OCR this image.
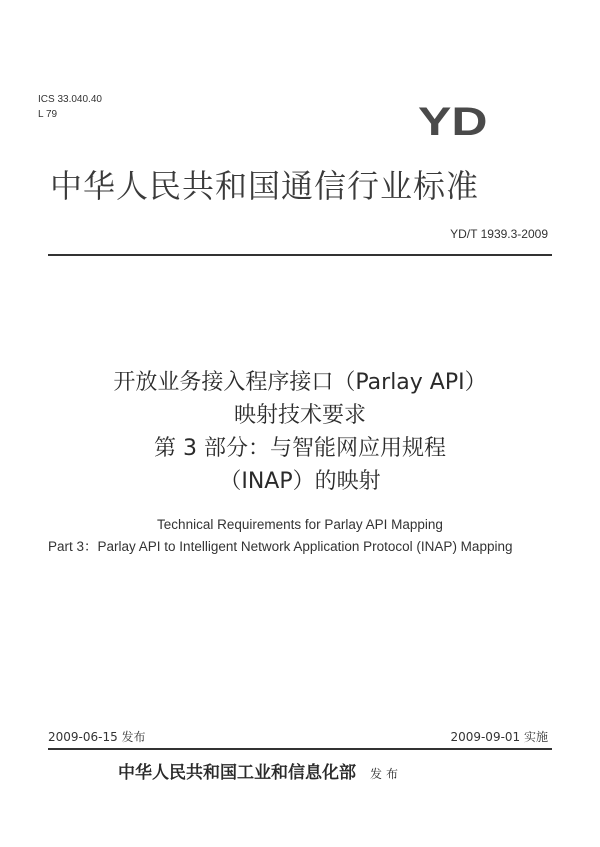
ICS 33.040.40
L 79	YD
中华人民共和国通信行业标准
YD/T 1939.3-2009
开放业务接入程序接口（Parlay API）
映射技术要求
第 3 部分：与智能网应用规程
（INAP）的映射
Technical Requirements for Parlay API Mapping
Part 3：Parlay API to Intelligent Network Application Protocol (INAP) Mapping
2009-06-15 发布	2009-09-01 实施
中华人民共和国工业和信息化部 发布
